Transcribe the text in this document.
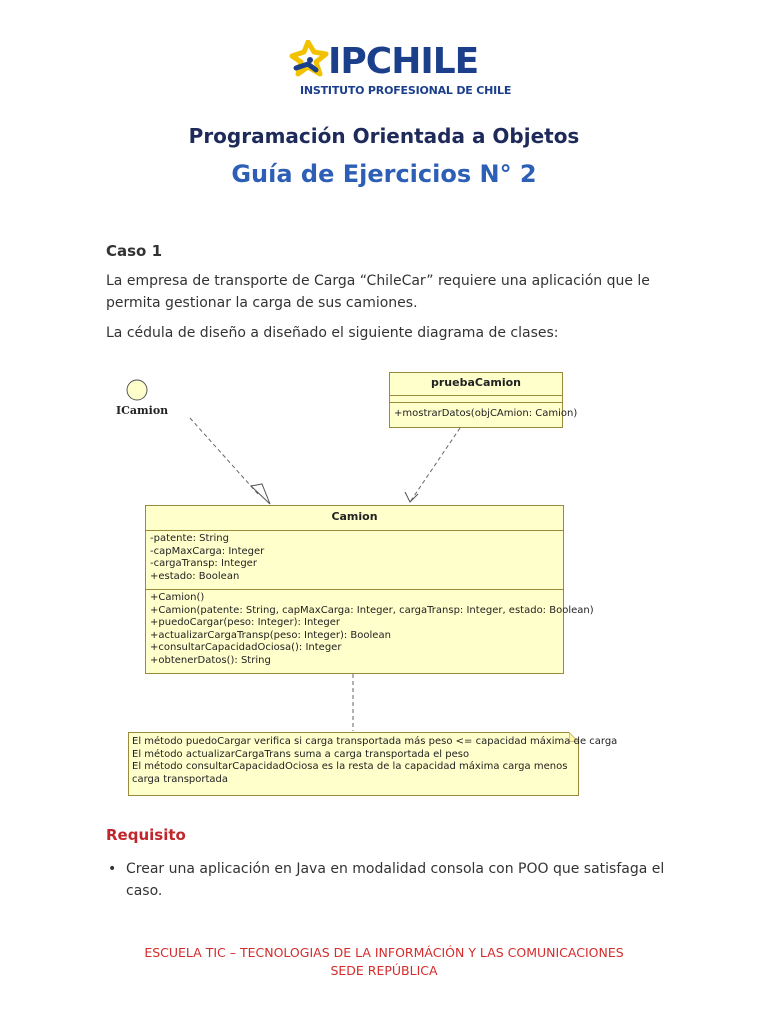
IPCHILE
INSTITUTO PROFESIONAL DE CHILE
Programación Orientada a Objetos
Guía de Ejercicios N° 2
Caso 1
La empresa de transporte de Carga “ChileCar” requiere una aplicación que le permita gestionar la carga de sus camiones.
La cédula de diseño a diseñado el siguiente diagrama de clases:
ICamion
pruebaCamion
+mostrarDatos(objCAmion: Camion)
Camion
-patente: String
-capMaxCarga: Integer
-cargaTransp: Integer
+estado: Boolean
+Camion()
+Camion(patente: String, capMaxCarga: Integer, cargaTransp: Integer, estado: Boolean)
+puedoCargar(peso: Integer): Integer
+actualizarCargaTransp(peso: Integer): Boolean
+consultarCapacidadOciosa(): Integer
+obtenerDatos(): String
El método puedoCargar verifica si carga transportada más peso <= capacidad máxima de carga
El método actualizarCargaTrans suma a carga transportada el peso
El método consultarCapacidadOciosa es la resta de la capacidad máxima carga menos
carga transportada
Requisito
• Crear una aplicación en Java en modalidad consola con POO que satisfaga el caso.
ESCUELA TIC – TECNOLOGIAS DE LA INFORMÁCIÓN Y LAS COMUNICACIONES
SEDE REPÚBLICA
